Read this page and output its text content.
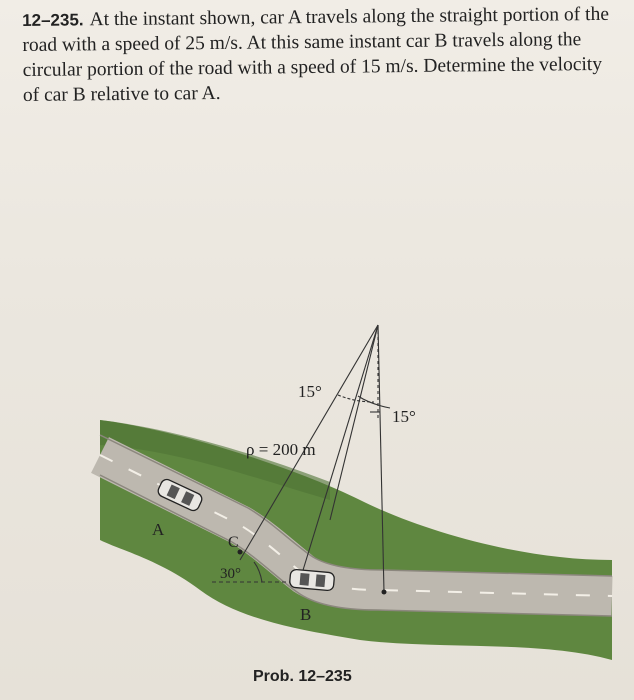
12–235. At the instant shown, car A travels along the straight portion of the road with a speed of 25 m/s. At this same instant car B travels along the circular portion of the road with a speed of 15 m/s. Determine the velocity of car B relative to car A.
15°
15°
ρ = 200 m
C
30°
A
B
Prob. 12–235
